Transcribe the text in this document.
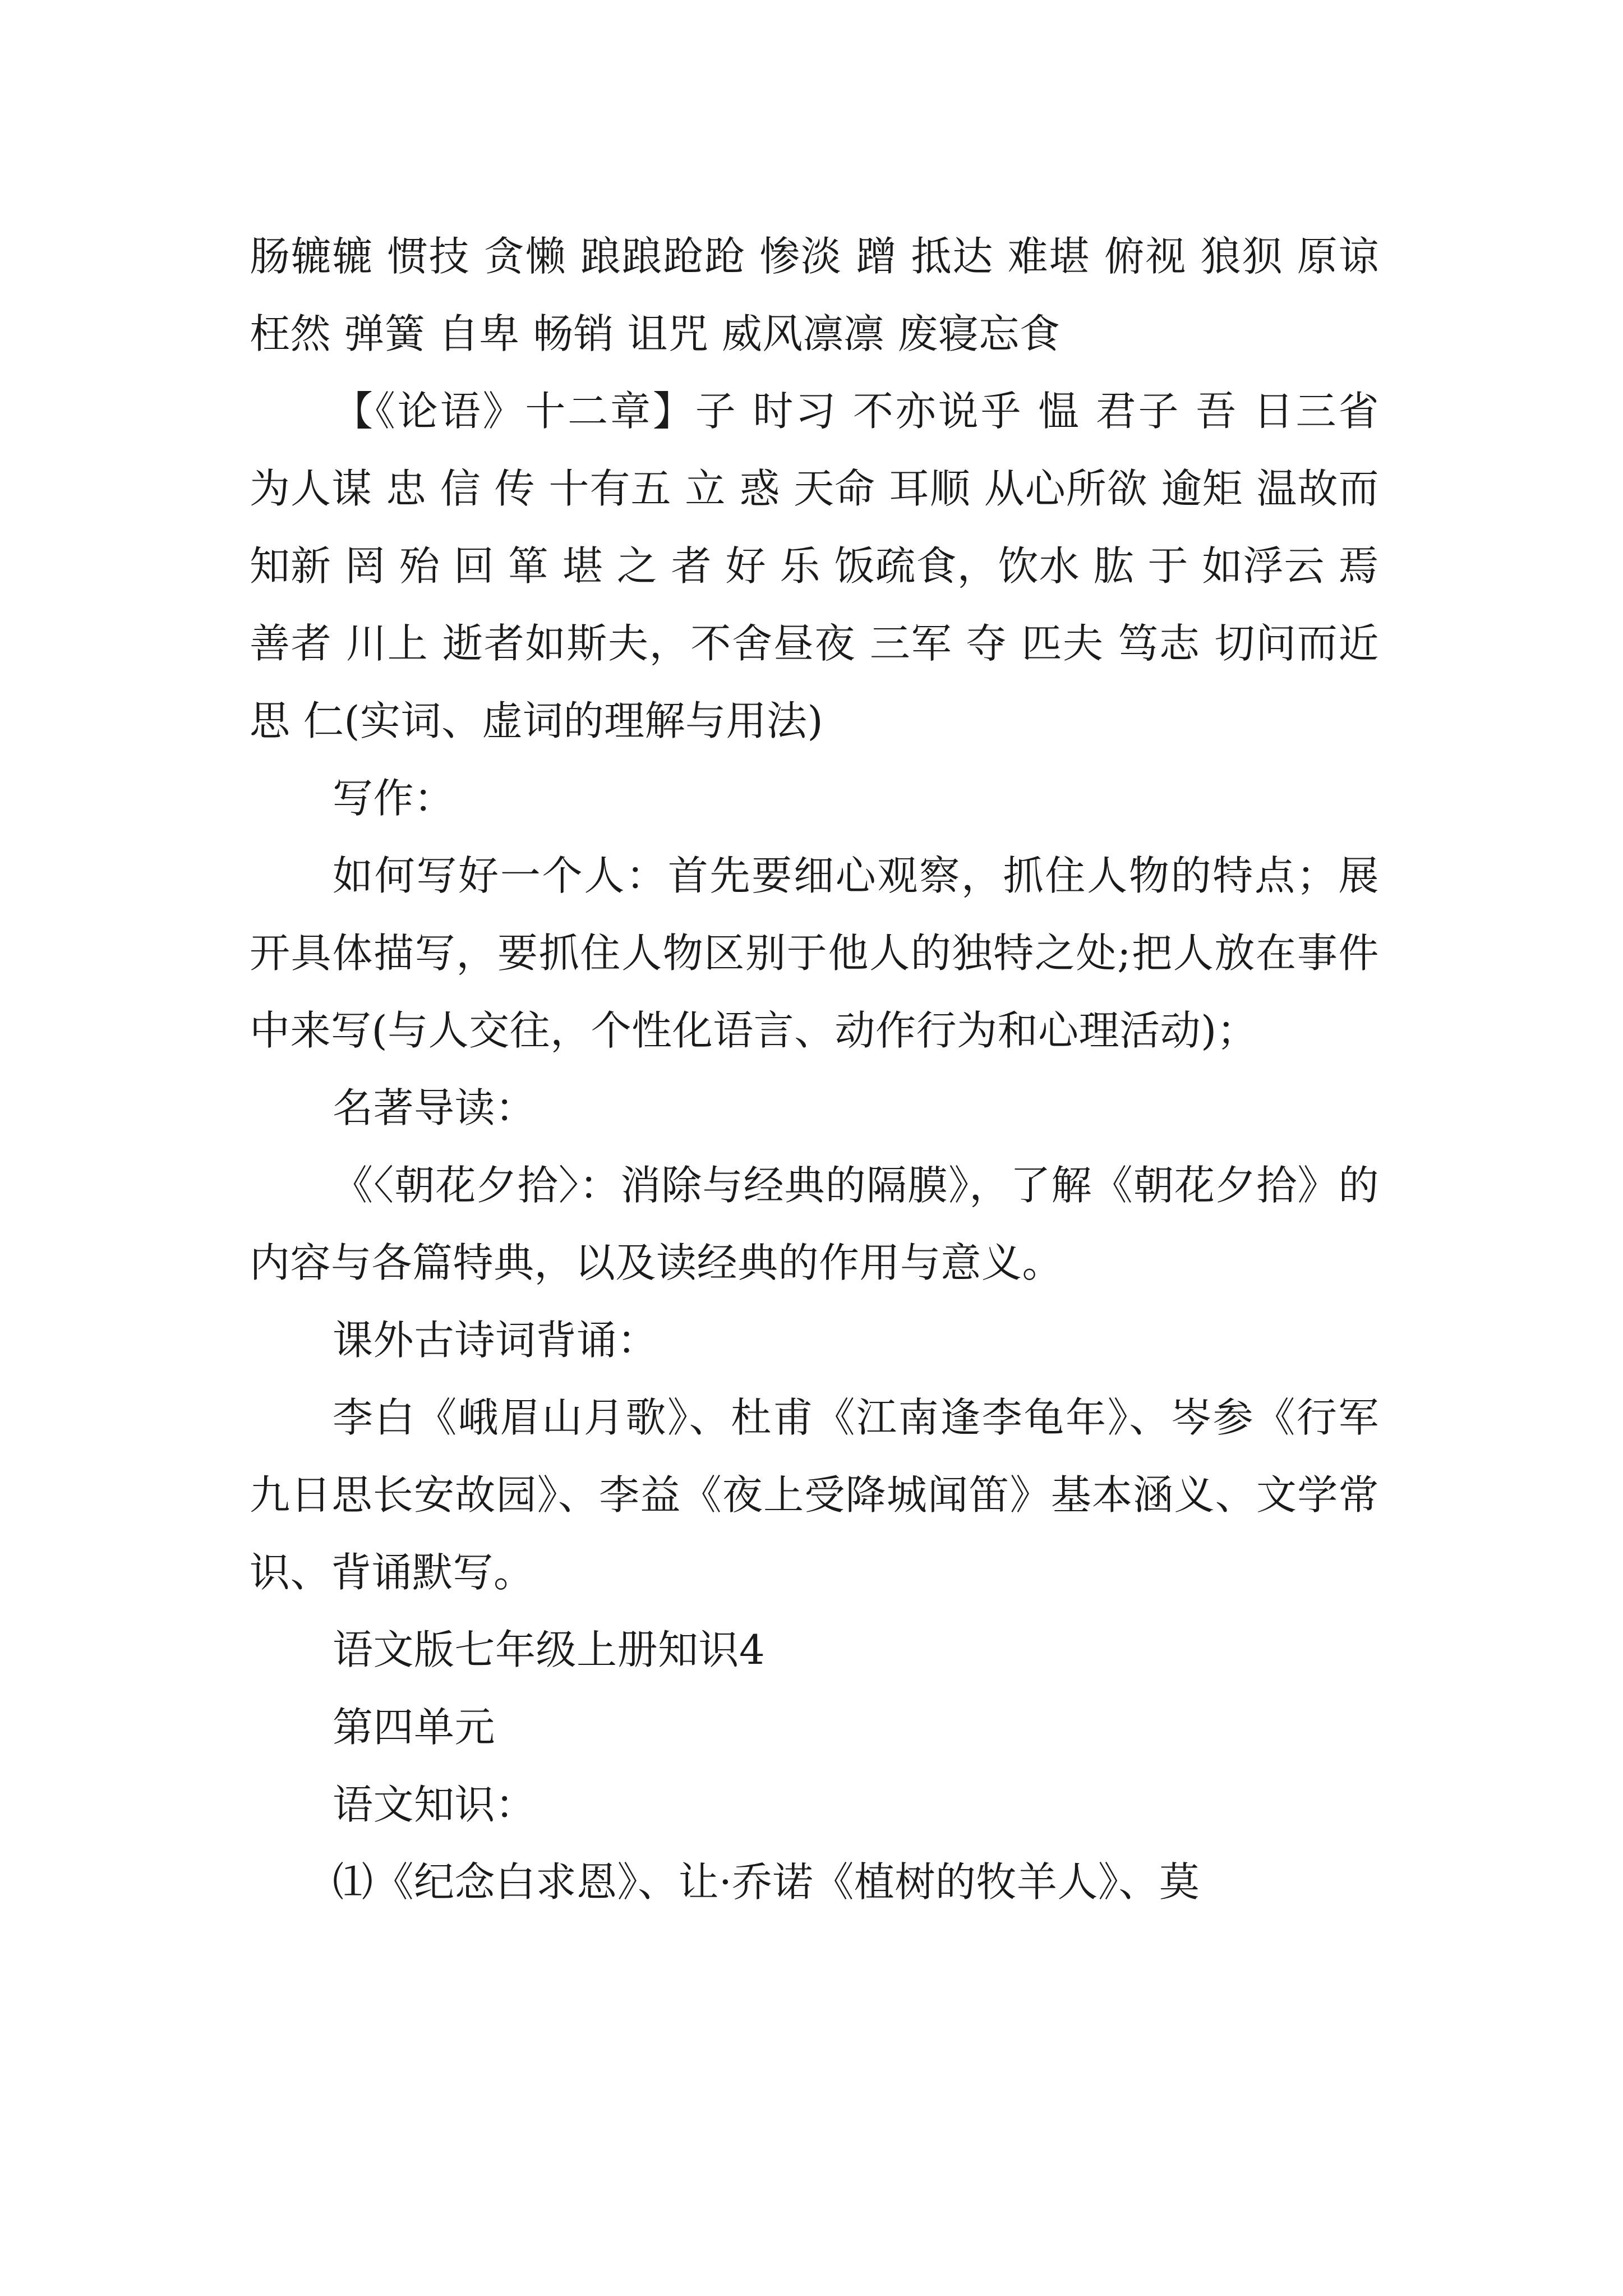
肠辘辘 惯技 贪懒 踉踉跄跄 惨淡 蹭 抵达 难堪 俯视 狼狈 原谅 枉然 弹簧 自卑 畅销 诅咒 威风凛凛 废寝忘食

【《论语》十二章】子 时习 不亦说乎 愠 君子 吾 日三省 为人谋 忠 信 传 十有五 立 惑 天命 耳顺 从心所欲 逾矩 温故而知新 罔 殆 回 箪 堪 之 者 好 乐 饭疏食，饮水 肱 于 如浮云 焉 善者 川上 逝者如斯夫，不舍昼夜 三军 夺 匹夫 笃志 切问而近思 仁(实词、虚词的理解与用法)

写作：

如何写好一个人：首先要细心观察，抓住人物的特点；展开具体描写，要抓住人物区别于他人的独特之处;把人放在事件中来写(与人交往，个性化语言、动作行为和心理活动)；

名著导读：

《〈朝花夕拾〉：消除与经典的隔膜》，了解《朝花夕拾》的内容与各篇特典，以及读经典的作用与意义。

课外古诗词背诵：

李白《峨眉山月歌》、杜甫《江南逢李龟年》、岑参《行军九日思长安故园》、李益《夜上受降城闻笛》基本涵义、文学常识、背诵默写。

语文版七年级上册知识4

第四单元

语文知识：

⑴《纪念白求恩》、让·乔诺《植树的牧羊人》、莫
